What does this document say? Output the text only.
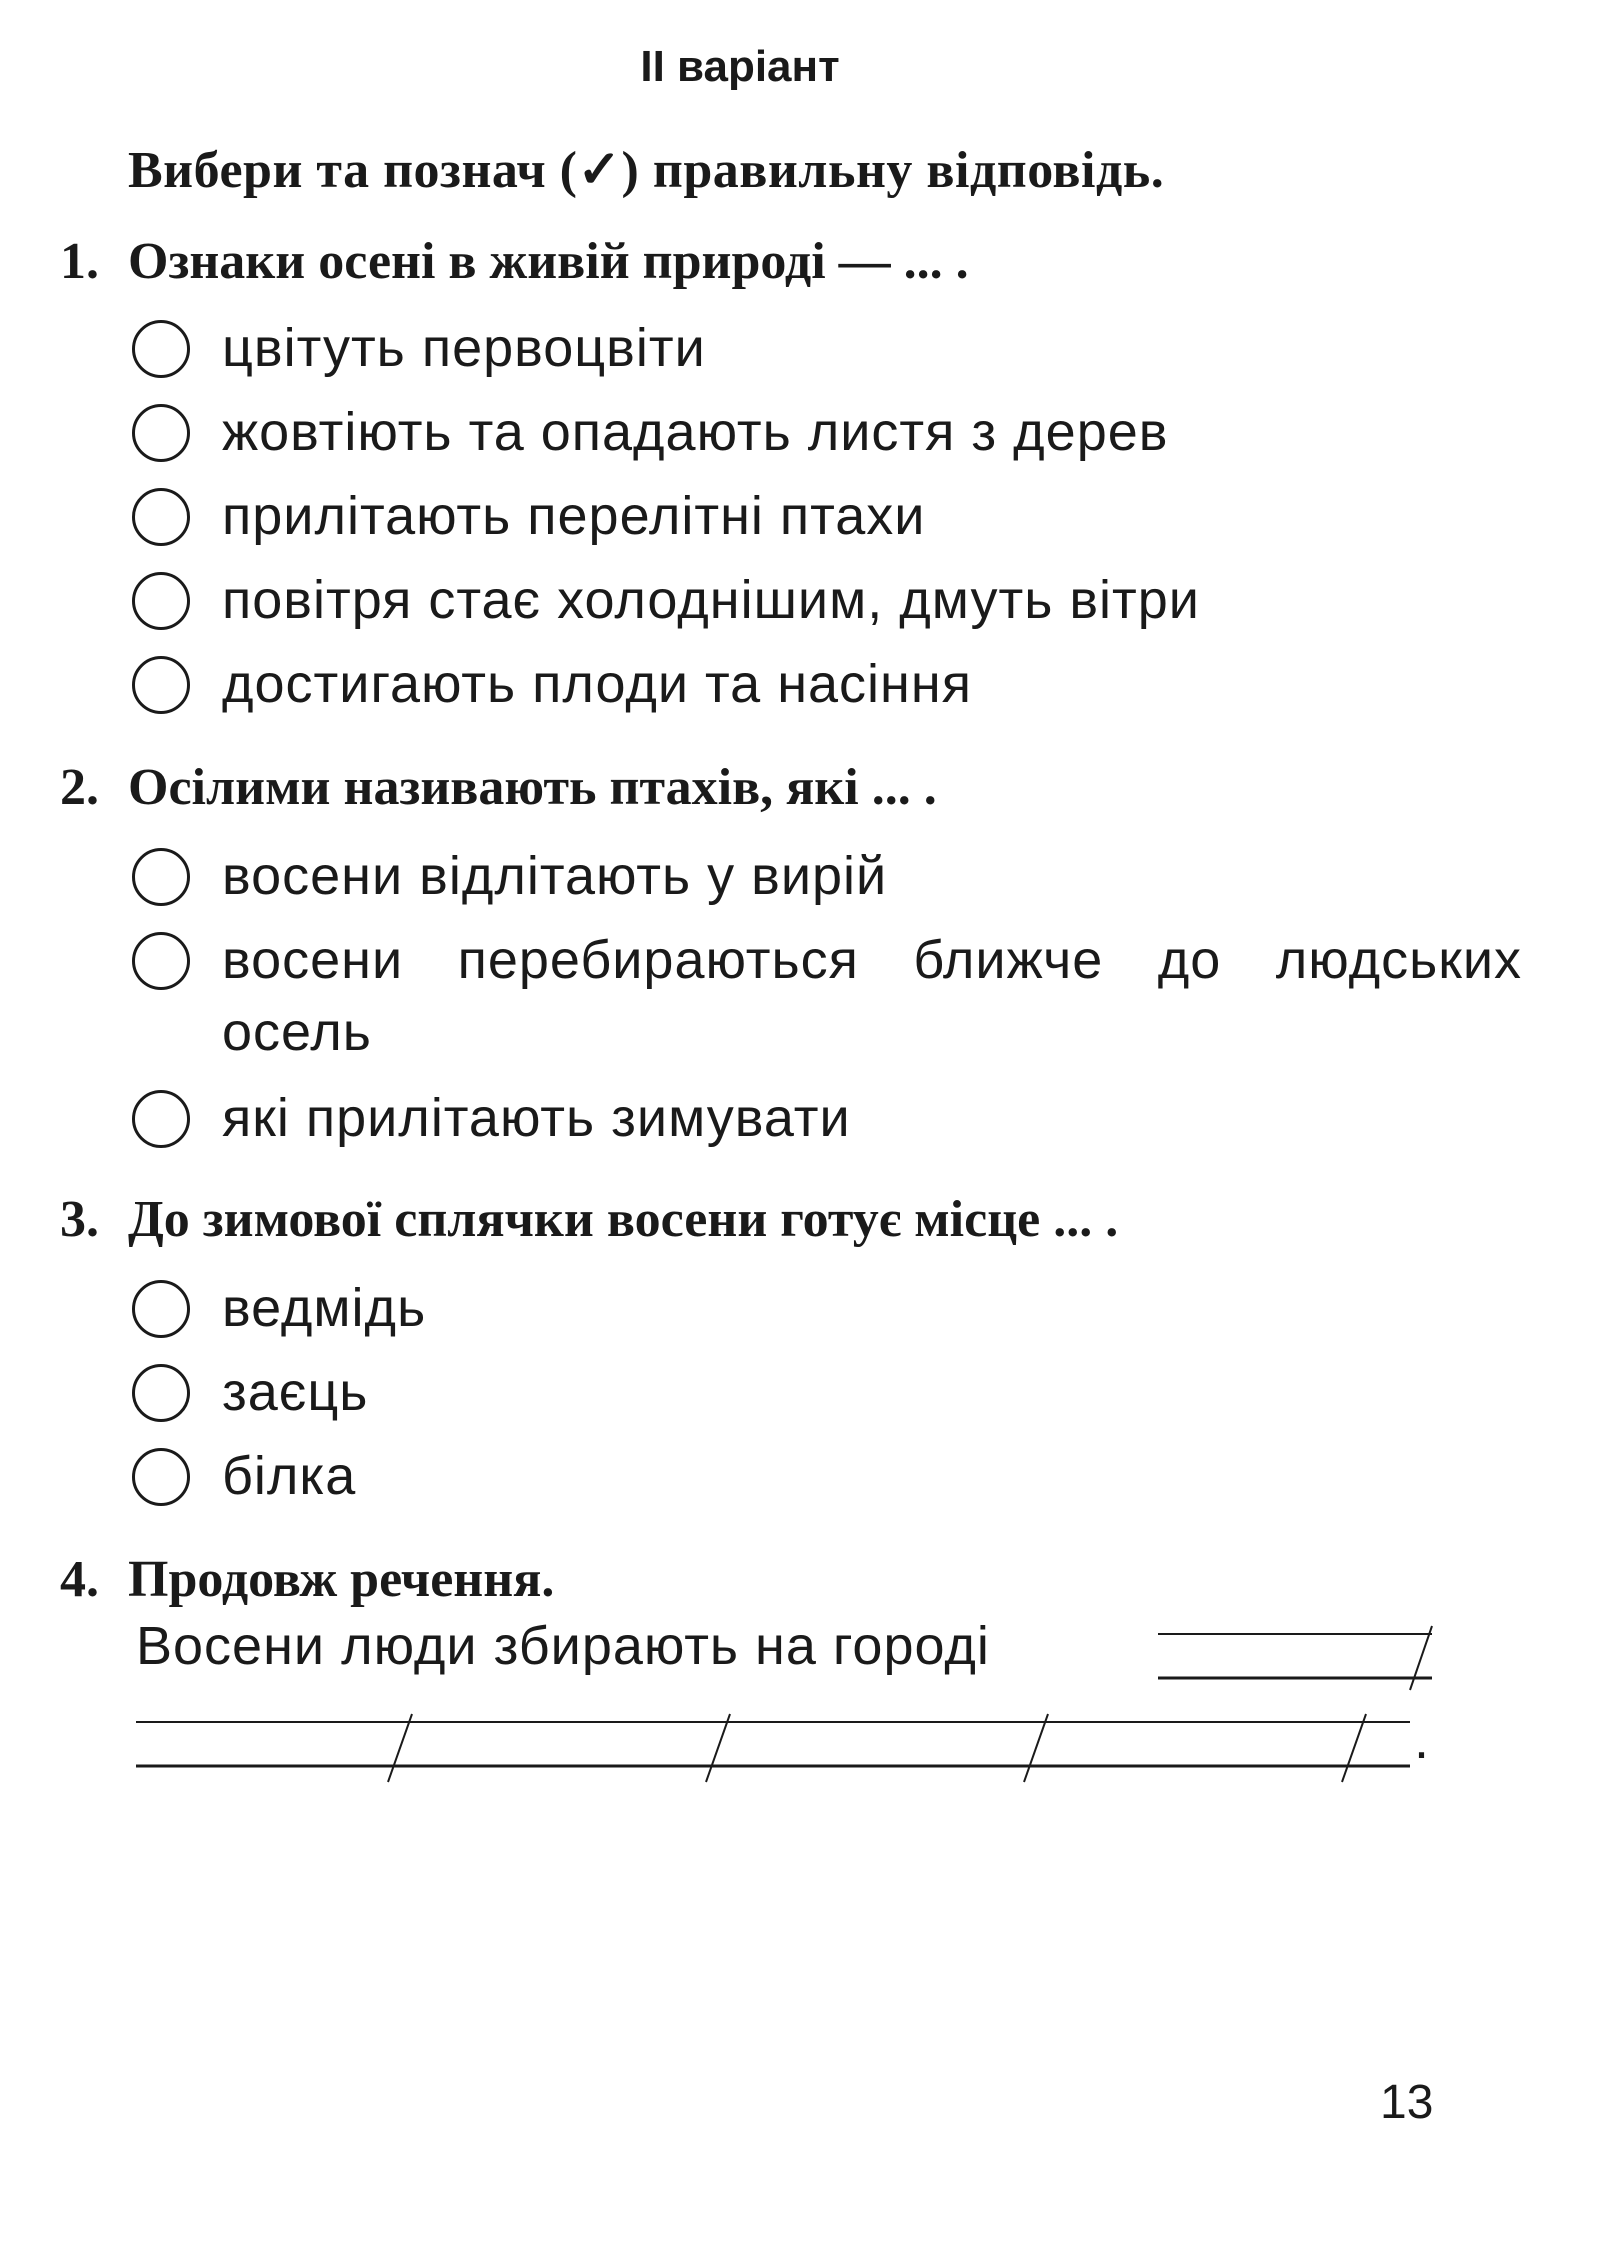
ІІ варіант
Вибери та познач (✓) правильну відповідь.
1. Ознаки осені в живій природі — ... .
цвітуть первоцвіти
жовтіють та опадають листя з дерев
прилітають перелітні птахи
повітря стає холоднішим, дмуть вітри
достигають плоди та насіння
2. Осілими називають птахів, які ... .
восени відлітають у вирій
восени перебираються ближче до людських осель
які прилітають зимувати
3. До зимової сплячки восени готує місце ... .
ведмідь
заєць
білка
4. Продовж речення.
Восени люди збирають на городі
.
13
